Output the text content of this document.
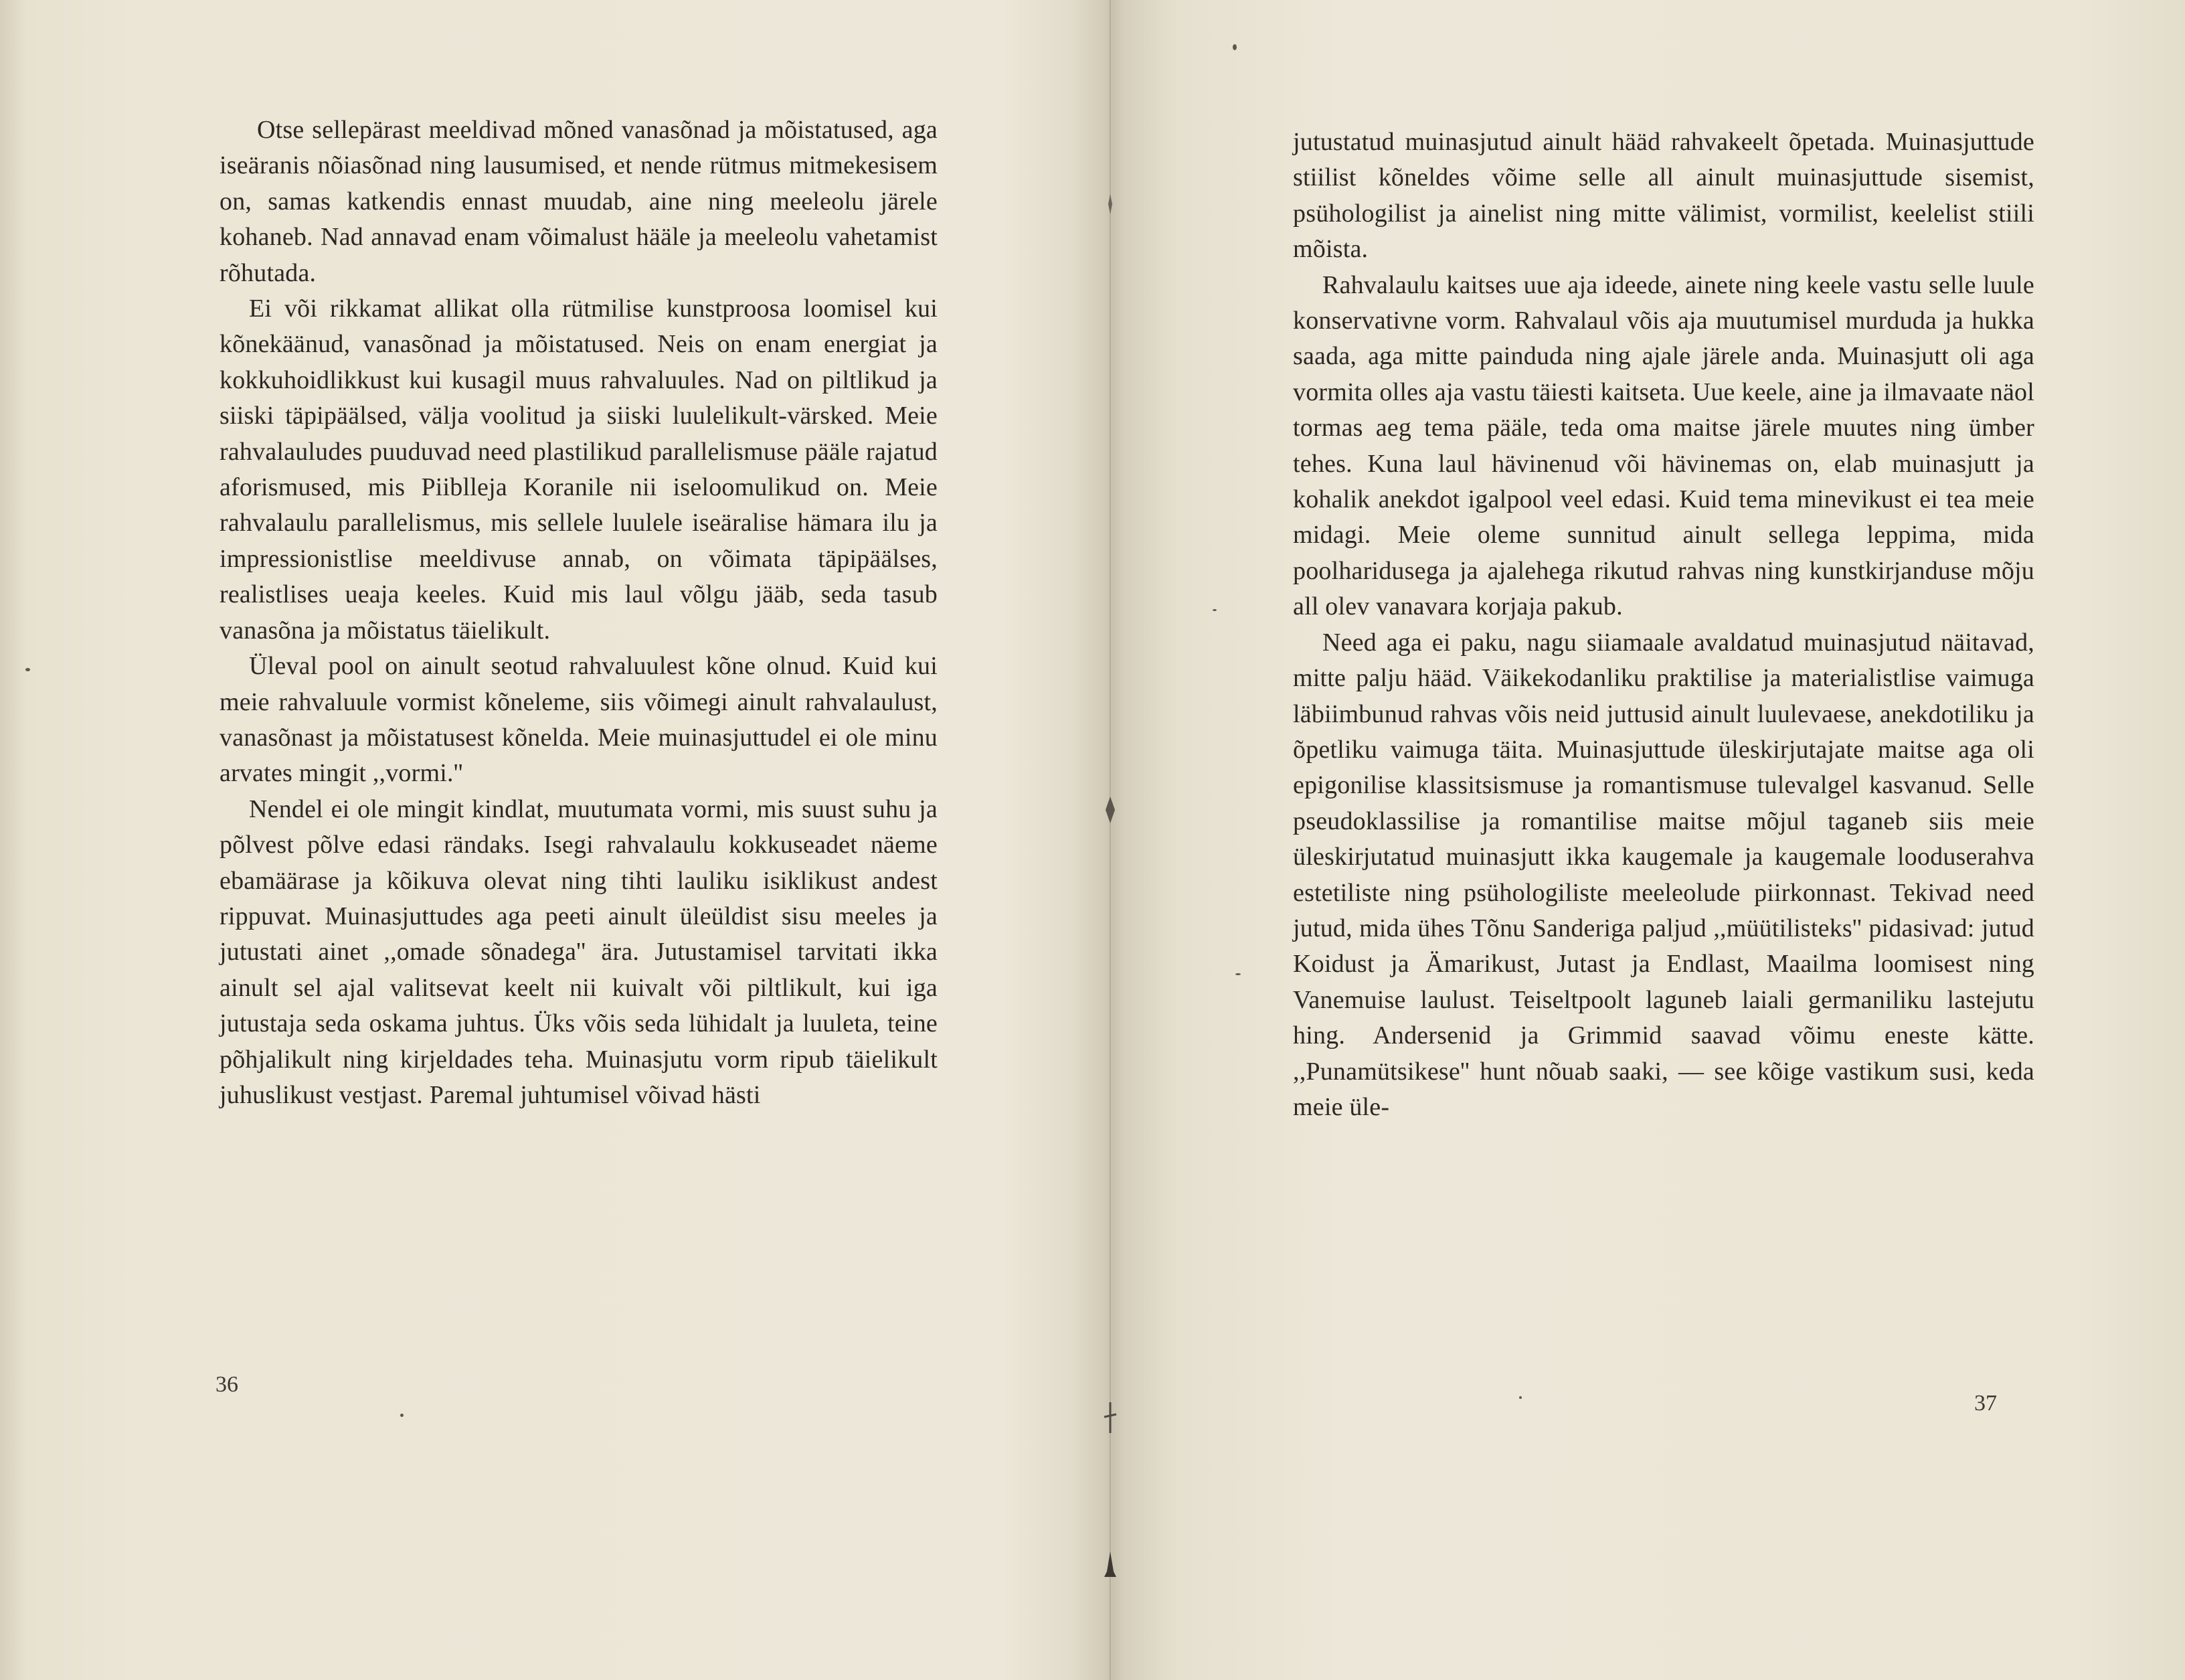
Otse sellepärast meeldivad mõned vanasõnad ja mõistatused, aga iseäranis nõiasõnad ning lausumised, et nende rütmus mitmekesisem on, samas katkendis ennast muudab, aine ning meeleolu järele kohaneb. Nad annavad enam võimalust hääle ja meeleolu vahetamist rõhutada.

Ei või rikkamat allikat olla rütmilise kunstproosa loomisel kui kõnekäänud, vanasõnad ja mõistatused. Neis on enam energiat ja kokkuhoidlikkust kui kusagil muus rahvaluules. Nad on piltlikud ja siiski täpipäälsed, välja voolitud ja siiski luulelikult-värsked. Meie rahvalauludes puuduvad need plastilikud parallelismuse pääle rajatud aforismused, mis Piiblleja Koranile nii iseloomulikud on. Meie rahvalaulu parallelismus, mis sellele luulele iseäralise hämara ilu ja impressionistlise meeldivuse annab, on võimata täpipäälses, realistlises ueaja keeles. Kuid mis laul võlgu jääb, seda tasub vanasõna ja mõistatus täielikult.

Üleval pool on ainult seotud rahvaluulest kõne olnud. Kuid kui meie rahvaluule vormist kõneleme, siis võimegi ainult rahvalaulust, vanasõnast ja mõistatusest kõnelda. Meie muinasjuttudel ei ole minu arvates mingit ,,vormi.''

Nendel ei ole mingit kindlat, muutumata vormi, mis suust suhu ja põlvest põlve edasi rändaks. Isegi rahvalaulu kokkuseadet näeme ebamäärase ja kõikuva olevat ning tihti lauliku isiklikust andest rippuvat. Muinasjuttudes aga peeti ainult üleüldist sisu meeles ja jutustati ainet ,,omade sõnadega'' ära. Jutustamisel tarvitati ikka ainult sel ajal valitsevat keelt nii kuivalt või piltlikult, kui iga jutustaja seda oskama juhtus. Üks võis seda lühidalt ja luuleta, teine põhjalikult ning kirjeldades teha. Muinasjutu vorm ripub täielikult juhuslikust vestjast. Paremal juhtumisel võivad hästi

36

jutustatud muinasjutud ainult hääd rahvakeelt õpetada. Muinasjuttude stiilist kõneldes võime selle all ainult muinasjuttude sisemist, psühologilist ja ainelist ning mitte välimist, vormilist, keelelist stiili mõista.

Rahvalaulu kaitses uue aja ideede, ainete ning keele vastu selle luule konservativne vorm. Rahvalaul võis aja muutumisel murduda ja hukka saada, aga mitte painduda ning ajale järele anda. Muinasjutt oli aga vormita olles aja vastu täiesti kaitseta. Uue keele, aine ja ilmavaate näol tormas aeg tema pääle, teda oma maitse järele muutes ning ümber tehes. Kuna laul hävinenud või hävinemas on, elab muinasjutt ja kohalik anekdot igalpool veel edasi. Kuid tema minevikust ei tea meie midagi. Meie oleme sunnitud ainult sellega leppima, mida poolharidusega ja ajalehega rikutud rahvas ning kunstkirjanduse mõju all olev vanavara korjaja pakub.

Need aga ei paku, nagu siiamaale avaldatud muinasjutud näitavad, mitte palju hääd. Väikekodanliku praktilise ja materialistlise vaimuga läbiimbunud rahvas võis neid juttusid ainult luulevaese, anekdotiliku ja õpetliku vaimuga täita. Muinasjuttude üleskirjutajate maitse aga oli epigonilise klassitsismuse ja romantismuse tulevalgel kasvanud. Selle pseudoklassilise ja romantilise maitse mõjul taganeb siis meie üleskirjutatud muinasjutt ikka kaugemale ja kaugemale looduserahva estetiliste ning psühologiliste meeleolude piirkonnast. Tekivad need jutud, mida ühes Tõnu Sanderiga paljud ,,müütilisteks'' pidasivad: jutud Koidust ja Ämarikust, Jutast ja Endlast, Maailma loomisest ning Vanemuise laulust. Teiseltpoolt laguneb laiali germaniliku lastejutu hing. Andersenid ja Grimmid saavad võimu eneste kätte. ,,Punamütsikese'' hunt nõuab saaki, — see kõige vastikum susi, keda meie üle-

37
